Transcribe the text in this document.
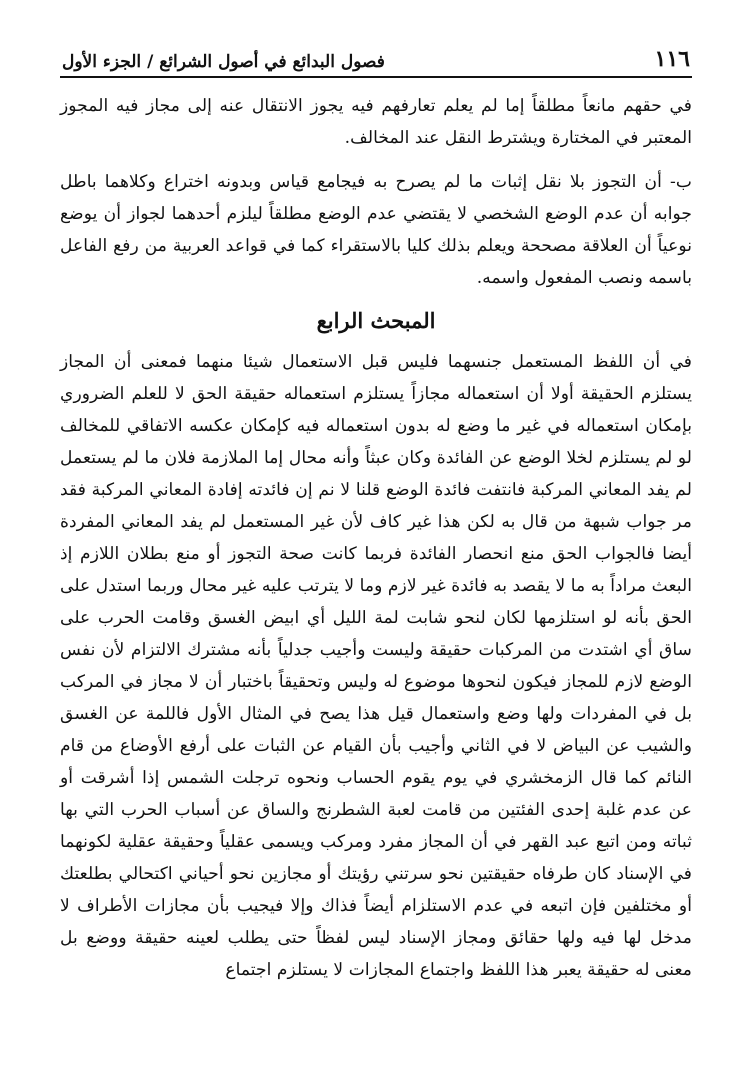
١١٦
فصول البدائع في أصول الشرائع / الجزء الأول

في حقهم مانعاً مطلقاً إما لم يعلم تعارفهم فيه يجوز الانتقال عنه إلى مجاز فيه المجوز المعتبر في المختارة ويشترط النقل عند المخالف.

ب- أن التجوز بلا نقل إثبات ما لم يصرح به فيجامع قياس وبدونه اختراع وكلاهما باطل جوابه أن عدم الوضع الشخصي لا يقتضي عدم الوضع مطلقاً ليلزم أحدهما لجواز أن يوضع نوعياً أن العلاقة مصححة ويعلم بذلك كليا بالاستقراء كما في قواعد العربية من رفع الفاعل باسمه ونصب المفعول واسمه.

المبحث الرابع

في أن اللفظ المستعمل جنسهما فليس قبل الاستعمال شيئا منهما فمعنى أن المجاز يستلزم الحقيقة أولا أن استعماله مجازاً يستلزم استعماله حقيقة الحق لا للعلم الضروري بإمكان استعماله في غير ما وضع له بدون استعماله فيه كإمكان عكسه الاتفاقي للمخالف لو لم يستلزم لخلا الوضع عن الفائدة وكان عبثاً وأنه محال إما الملازمة فلان ما لم يستعمل لم يفد المعاني المركبة فانتفت فائدة الوضع قلنا لا نم إن فائدته إفادة المعاني المركبة فقد مر جواب شبهة من قال به لكن هذا غير كاف لأن غير المستعمل لم يفد المعاني المفردة أيضا فالجواب الحق منع انحصار الفائدة فربما كانت صحة التجوز أو منع بطلان اللازم إذ البعث مراداً به ما لا يقصد به فائدة غير لازم وما لا يترتب عليه غير محال وربما استدل على الحق بأنه لو استلزمها لكان لنحو شابت لمة الليل أي ابيض الغسق وقامت الحرب على ساق أي اشتدت من المركبات حقيقة وليست وأجيب جدلياً بأنه مشترك الالتزام لأن نفس الوضع لازم للمجاز فيكون لنحوها موضوع له وليس وتحقيقاً باختبار أن لا مجاز في المركب بل في المفردات ولها وضع واستعمال قيل هذا يصح في المثال الأول فاللمة عن الغسق والشيب عن البياض لا في الثاني وأجيب بأن القيام عن الثبات على أرفع الأوضاع من قام النائم كما قال الزمخشري في يوم يقوم الحساب ونحوه ترجلت الشمس إذا أشرقت أو عن عدم غلبة إحدى الفئتين من قامت لعبة الشطرنج والساق عن أسباب الحرب التي بها ثباته ومن اتبع عبد القهر في أن المجاز مفرد ومركب ويسمى عقلياً وحقيقة عقلية لكونهما في الإسناد كان طرفاه حقيقتين نحو سرتني رؤيتك أو مجازين نحو أحياني اكتحالي بطلعتك أو مختلفين فإن اتبعه في عدم الاستلزام أيضاً فذاك وإلا فيجيب بأن مجازات الأطراف لا مدخل لها فيه ولها حقائق ومجاز الإسناد ليس لفظاً حتى يطلب لعينه حقيقة ووضع بل معنى له حقيقة يعبر هذا اللفظ واجتماع المجازات لا يستلزم اجتماع
